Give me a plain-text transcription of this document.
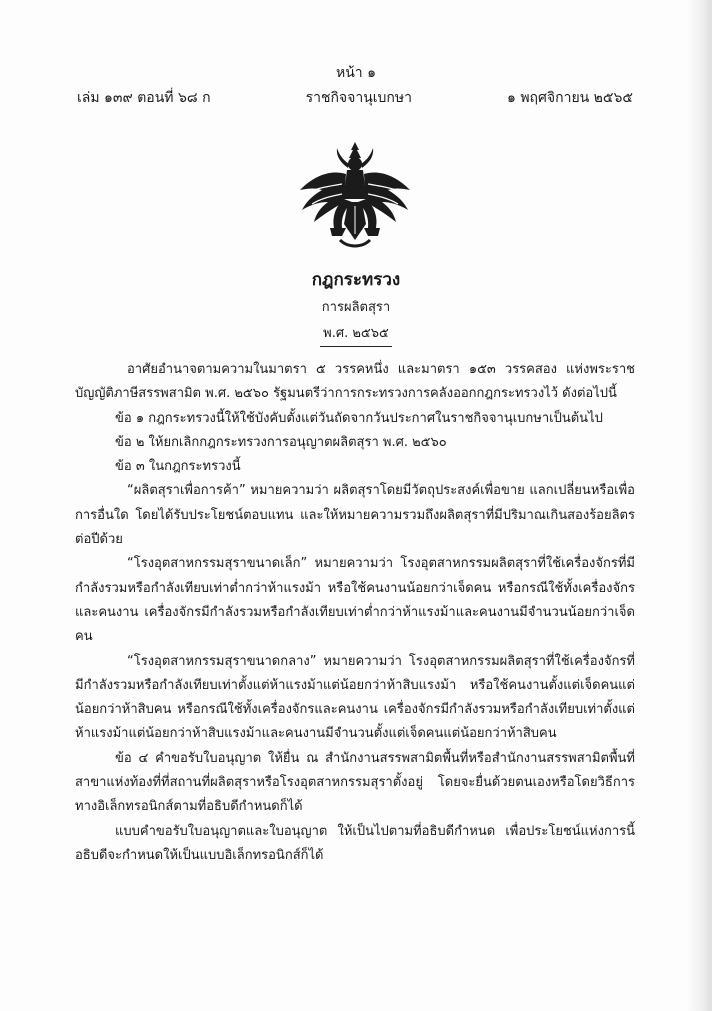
หน้า ๑
เล่ม ๑๓๙ ตอนที่ ๖๘ ก	ราชกิจจานุเบกษา	๑ พฤศจิกายน ๒๕๖๕
กฎกระทรวง
การผลิตสุรา
พ.ศ. ๒๕๖๕

อาศัยอำนาจตามความในมาตรา ๕ วรรคหนึ่ง และมาตรา ๑๕๓ วรรคสอง แห่งพระราชบัญญัติภาษีสรรพสามิต พ.ศ. ๒๕๖๐ รัฐมนตรีว่าการกระทรวงการคลังออกกฎกระทรวงไว้ ดังต่อไปนี้

ข้อ ๑ กฎกระทรวงนี้ให้ใช้บังคับตั้งแต่วันถัดจากวันประกาศในราชกิจจานุเบกษาเป็นต้นไป

ข้อ ๒ ให้ยกเลิกกฎกระทรวงการอนุญาตผลิตสุรา พ.ศ. ๒๕๖๐

ข้อ ๓ ในกฎกระทรวงนี้

“ผลิตสุราเพื่อการค้า” หมายความว่า ผลิตสุราโดยมีวัตถุประสงค์เพื่อขาย แลกเปลี่ยนหรือเพื่อการอื่นใด โดยได้รับประโยชน์ตอบแทน และให้หมายความรวมถึงผลิตสุราที่มีปริมาณเกินสองร้อยลิตรต่อปีด้วย

“โรงอุตสาหกรรมสุราขนาดเล็ก” หมายความว่า โรงอุตสาหกรรมผลิตสุราที่ใช้เครื่องจักรที่มีกำลังรวมหรือกำลังเทียบเท่าต่ำกว่าห้าแรงม้า หรือใช้คนงานน้อยกว่าเจ็ดคน หรือกรณีใช้ทั้งเครื่องจักรและคนงาน เครื่องจักรมีกำลังรวมหรือกำลังเทียบเท่าต่ำกว่าห้าแรงม้าและคนงานมีจำนวนน้อยกว่าเจ็ดคน

“โรงอุตสาหกรรมสุราขนาดกลาง” หมายความว่า โรงอุตสาหกรรมผลิตสุราที่ใช้เครื่องจักรที่มีกำลังรวมหรือกำลังเทียบเท่าตั้งแต่ห้าแรงม้าแต่น้อยกว่าห้าสิบแรงม้า หรือใช้คนงานตั้งแต่เจ็ดคนแต่น้อยกว่าห้าสิบคน หรือกรณีใช้ทั้งเครื่องจักรและคนงาน เครื่องจักรมีกำลังรวมหรือกำลังเทียบเท่าตั้งแต่ห้าแรงม้าแต่น้อยกว่าห้าสิบแรงม้าและคนงานมีจำนวนตั้งแต่เจ็ดคนแต่น้อยกว่าห้าสิบคน

ข้อ ๔ คำขอรับใบอนุญาต ให้ยื่น ณ สำนักงานสรรพสามิตพื้นที่หรือสำนักงานสรรพสามิตพื้นที่สาขาแห่งท้องที่ที่สถานที่ผลิตสุราหรือโรงอุตสาหกรรมสุราตั้งอยู่ โดยจะยื่นด้วยตนเองหรือโดยวิธีการทางอิเล็กทรอนิกส์ตามที่อธิบดีกำหนดก็ได้

แบบคำขอรับใบอนุญาตและใบอนุญาต ให้เป็นไปตามที่อธิบดีกำหนด เพื่อประโยชน์แห่งการนี้อธิบดีจะกำหนดให้เป็นแบบอิเล็กทรอนิกส์ก็ได้
